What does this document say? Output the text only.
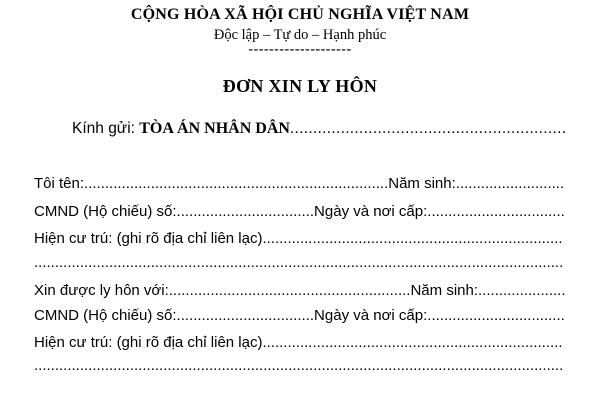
CỘNG HÒA XÃ HỘI CHỦ NGHĨA VIỆT NAM
Độc lập – Tự do – Hạnh phúc
--------------------
ĐƠN XIN LY HÔN
Kính gửi: TÒA ÁN NHÂN DÂN............................................................
Tôi tên:.........................................................................Năm sinh:..........................
CMND (Hộ chiếu) số:.................................Ngày và nơi cấp:.................................
Hiện cư trú: (ghi rõ địa chỉ liên lạc)........................................................................
...............................................................................................................................
Xin được ly hôn với:..........................................................Năm sinh:.....................
CMND (Hộ chiếu) số:.................................Ngày và nơi cấp:.................................
Hiện cư trú: (ghi rõ địa chỉ liên lạc)........................................................................
...............................................................................................................................
